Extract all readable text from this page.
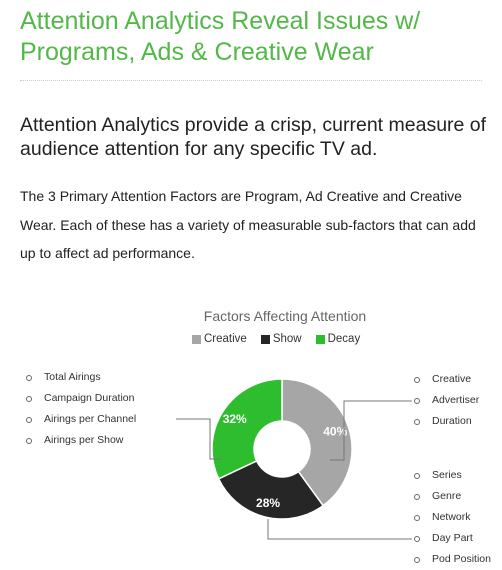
Attention Analytics Reveal Issues w/ Programs, Ads & Creative Wear
Attention Analytics provide a crisp, current measure of audience attention for any specific TV ad.
The 3 Primary Attention Factors are Program, Ad Creative and Creative Wear. Each of these has a variety of measurable sub-factors that can add up to affect ad performance.
Factors Affecting Attention
Creative Show Decay
Total Airings
Campaign Duration
Airings per Channel
Airings per Show
Creative
Advertiser
Duration
Series
Genre
Network
Day Part
Pod Position
40%
28%
32%
